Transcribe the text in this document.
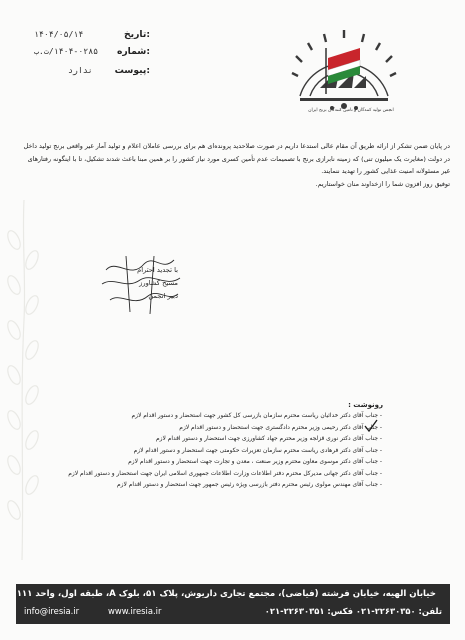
تاریخ:
۱۴۰۴/۰۵/۱۴
شماره:
۱۴۰۴-۰۲۸۵/ت.ب
پیوست:
ندارد
انجمن تولید کنندگان و تامین کنندگان برنج ایران

در پایان ضمن تشکر از ارائه طریق آن مقام عالی استدعا داریم در صورت صلاحدید پرونده‌ای هم برای بررسی عاملان اعلام و تولید آمار غیر واقعی برنج تولید داخل در دولت (مغایرت یک میلیون تنی) که زمینه نابرازی برنج با تصمیمات عدم تأمین کسری مورد نیاز کشور را بر همین مبنا باعث شدند تشکیل، تا با اینگونه رفتارهای غیر مسئولانه امنیت غذایی کشور را تهدید ننمایند.

توفیق روز افزون شما را ازخداوند منان خواستاریم.

با تجدید احترام
مسیح کشاورز
دبیر انجمن
رونوشت :
- جناب آقای دکتر خدائیان ریاست محترم سازمان بازرسی کل کشور جهت استحضار و دستور اقدام لازم
- جناب آقای دکتر رحیمی وزیر محترم دادگستری جهت استحضار و دستور اقدام لازم
- جناب آقای دکتر نوری قزلجه وزیر محترم جهاد کشاورزی جهت استحضار و دستور اقدام لازم
- جناب آقای دکتر فرهادی ریاست محترم سازمان تعزیرات حکومتی جهت استحضار و دستور اقدام لازم
- جناب آقای دکتر موسوی معاون محترم وزیر صنعت ، معدن و تجارت جهت استحضار و دستور اقدام لازم
- جناب آقای دکتر جهانی مدیرکل محترم دفتر اطلاعات وزارت اطلاعات جمهوری اسلامی ایران جهت استحضار و دستور اقدام لازم
- جناب آقای مهندس مولوی رئیس محترم دفتر بازرسی ویژه رئیس جمهور جهت استحضار و دستور اقدام لازم
خیابان الهیه، خیابان فرشته (فیاضی)، مجتمع تجاری داریوش، پلاک ۵۱، بلوک A، طبقه اول، واحد ۱۱۱
info@iresia.ir	www.iresia.ir	تلفن: ۲۲۶۳۰۳۵۰-۰۲۱ فکس: ۲۲۶۳۰۳۵۱-۰۲۱
